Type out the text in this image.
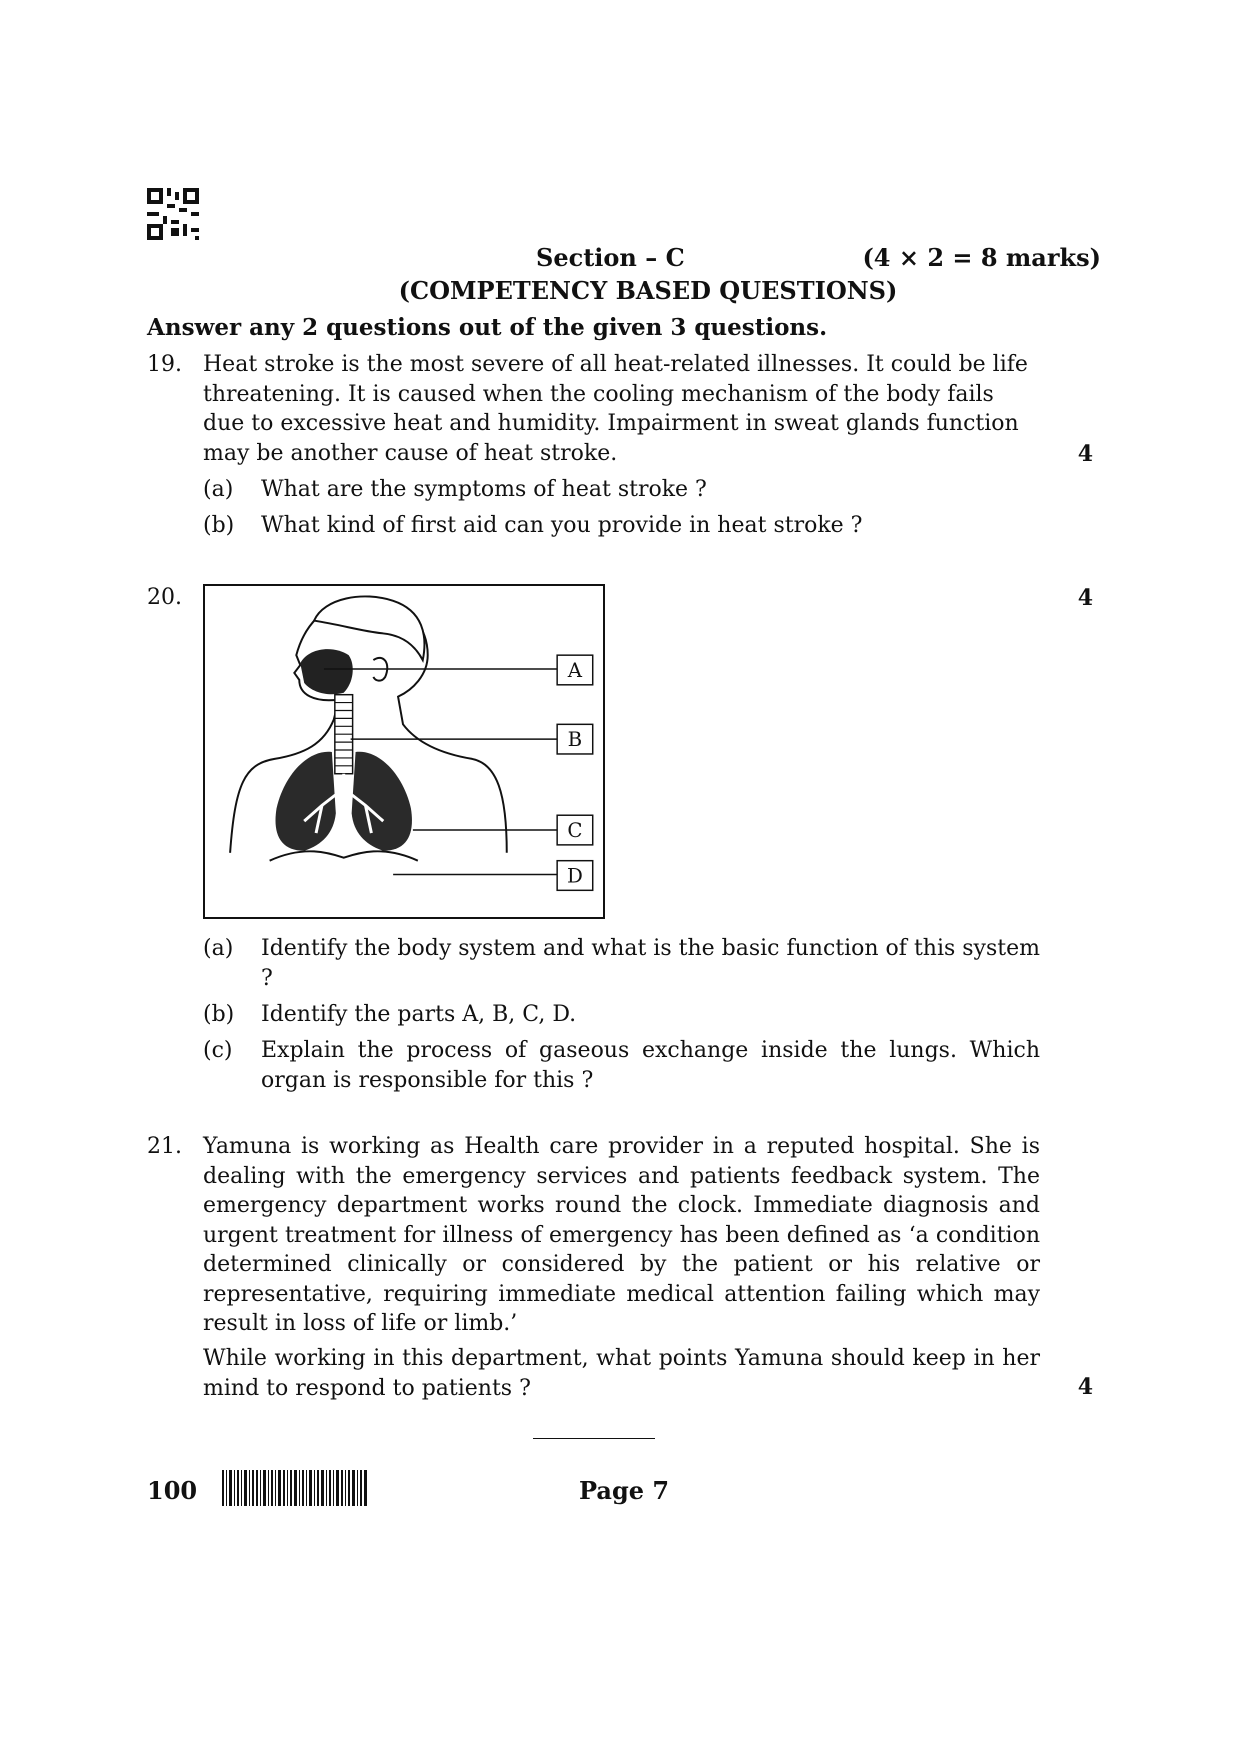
Section – C	(4 × 2 = 8 marks)
(COMPETENCY BASED QUESTIONS)
Answer any 2 questions out of the given 3 questions.
19. Heat stroke is the most severe of all heat-related illnesses. It could be life
threatening. It is caused when the cooling mechanism of the body fails
due to excessive heat and humidity. Impairment in sweat glands function
may be another cause of heat stroke.	4
(a) What are the symptoms of heat stroke ?
(b) What kind of first aid can you provide in heat stroke ?
20.	4
A
B
C
D
(a) Identify the body system and what is the basic function of this system ?
(b) Identify the parts A, B, C, D.
(c) Explain the process of gaseous exchange inside the lungs. Which organ is responsible for this ?
21. Yamuna is working as Health care provider in a reputed hospital. She is dealing with the emergency services and patients feedback system. The emergency department works round the clock. Immediate diagnosis and urgent treatment for illness of emergency has been defined as ‘a condition determined clinically or considered by the patient or his relative or representative, requiring immediate medical attention failing which may result in loss of life or limb.’
While working in this department, what points Yamuna should keep in her mind to respond to patients ?	4
100	Page 7
